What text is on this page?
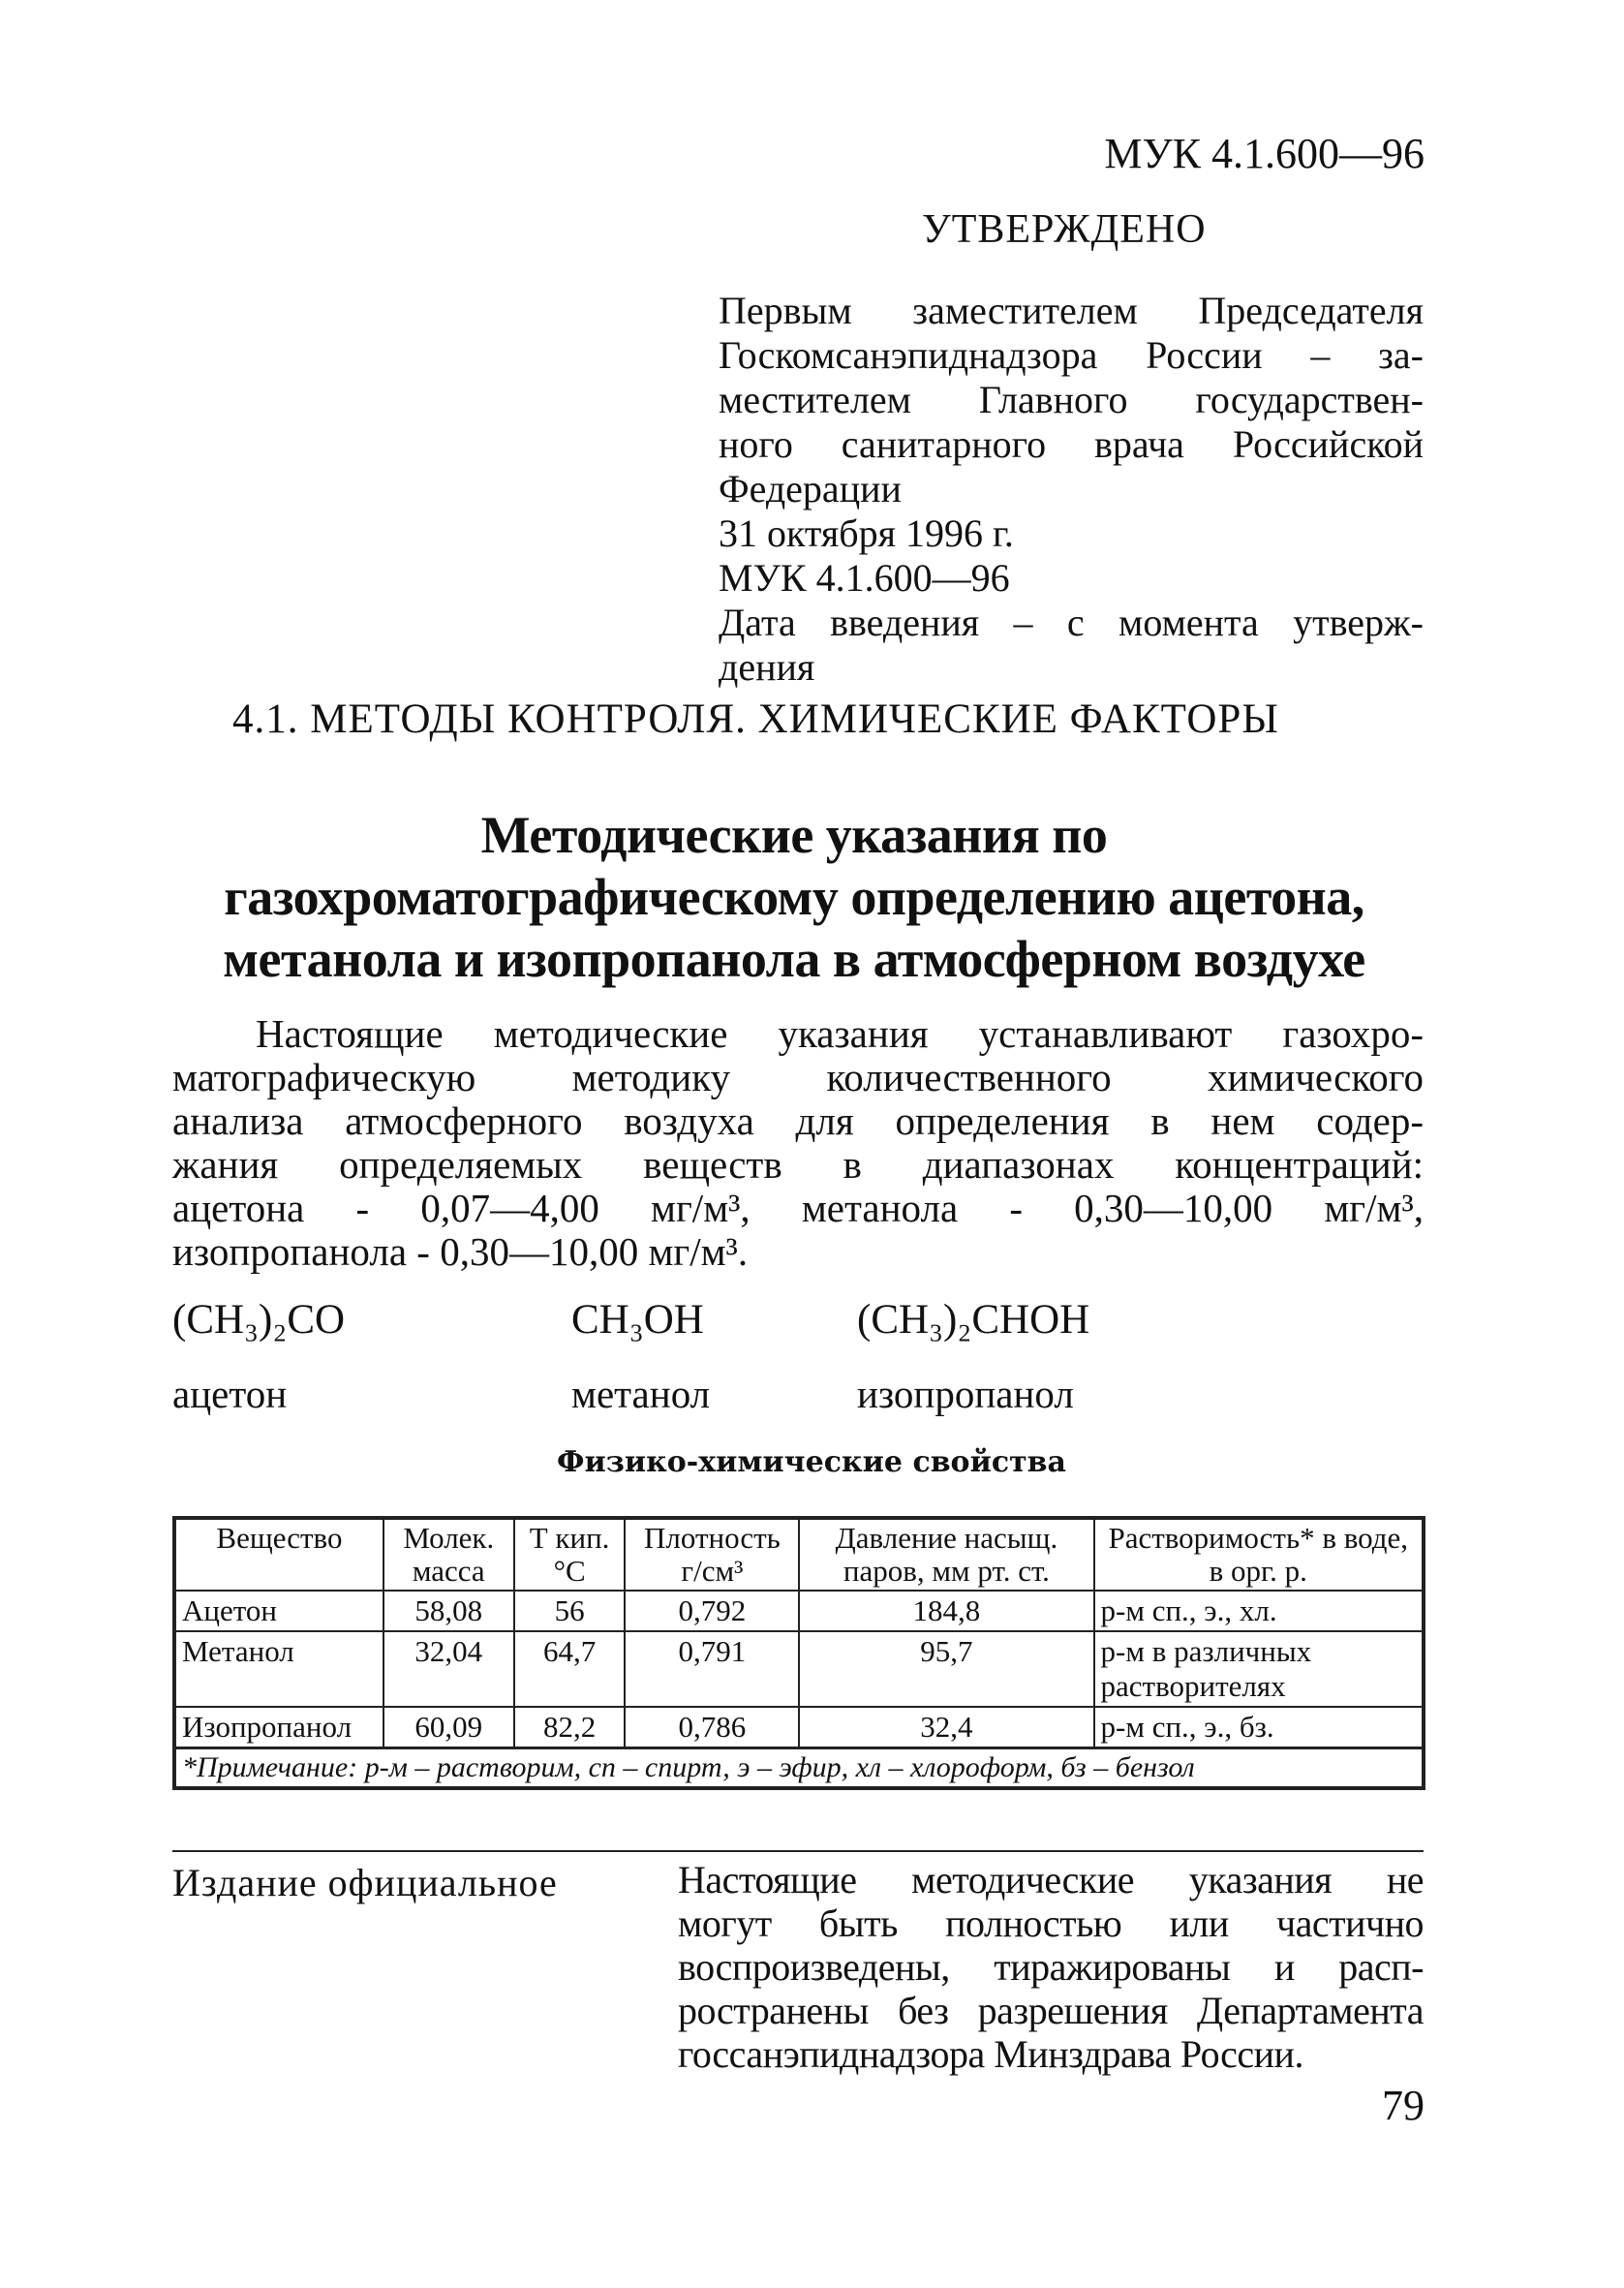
МУК 4.1.600—96
УТВЕРЖДЕНО
Первым заместителем Председателя
Госкомсанэпиднадзора России – за-
местителем Главного государствен-
ного санитарного врача Российской
Федерации
31 октября 1996 г.
МУК 4.1.600—96
Дата введения – с момента утверж-
дения
4.1. МЕТОДЫ КОНТРОЛЯ. ХИМИЧЕСКИЕ ФАКТОРЫ
Методические указания по
газохроматографическому определению ацетона,
метанола и изопропанола в атмосферном воздухе
Настоящие методические указания устанавливают газохро-
матографическую методику количественного химического
анализа атмосферного воздуха для определения в нем содер-
жания определяемых веществ в диапазонах концентраций:
ацетона - 0,07—4,00 мг/м³, метанола - 0,30—10,00 мг/м³,
изопропанола - 0,30—10,00 мг/м³.
(CH₃)₂CO	CH₃OH	(CH₃)₂CHOH
ацетон	метанол	изопропанол
Физико-химические свойства
Вещество	Молек. масса	Т кип. °С	Плотность г/см³	Давление насыщ. паров, мм рт. ст.	Растворимость* в воде, в орг. р.
Ацетон	58,08	56	0,792	184,8	р-м сп., э., хл.
Метанол	32,04	64,7	0,791	95,7	р-м в различных растворителях
Изопропанол	60,09	82,2	0,786	32,4	р-м сп., э., бз.
*Примечание: р-м – растворим, сп – спирт, э – эфир, хл – хлороформ, бз – бензол					
Издание официальное	Настоящие методические указания не
могут быть полностью или частично
воспроизведены, тиражированы и расп-
ространены без разрешения Департамента
госсанэпиднадзора Минздрава России.
79
